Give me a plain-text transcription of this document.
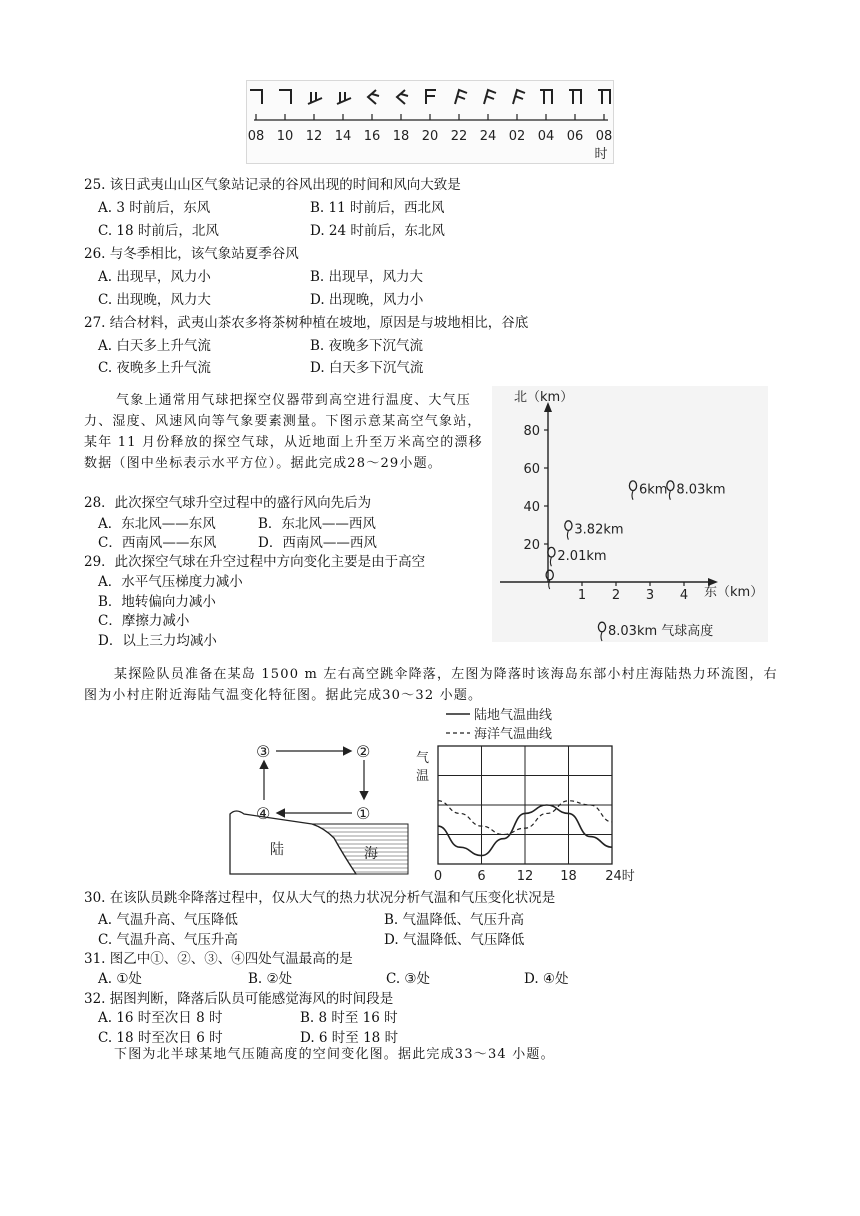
08 10 12 14 16 18 20 22 24 02 04 06 08
时
25. 该日武夷山山区气象站记录的谷风出现的时间和风向大致是
A. 3 时前后，东风	B. 11 时前后，西北风
C. 18 时前后，北风	D. 24 时前后，东北风
26. 与冬季相比，该气象站夏季谷风
A. 出现早，风力小	B. 出现早，风力大
C. 出现晚，风力大	D. 出现晚，风力小
27. 结合材料，武夷山茶农多将茶树种植在坡地，原因是与坡地相比，谷底
A. 白天多上升气流	B. 夜晚多下沉气流
C. 夜晚多上升气流	D. 白天多下沉气流
气象上通常用气球把探空仪器带到高空进行温度、大气压力、湿度、风速风向等气象要素测量。下图示意某高空气象站，某年 11 月份释放的探空气球，从近地面上升至万米高空的漂移数据（图中坐标表示水平方位）。据此完成28～29小题。
北（km）
东（km）
80
60
40
20
1 2 3 4
2.01km
3.82km
6km 8.03km
8.03km 气球高度
28．此次探空气球升空过程中的盛行风向先后为
A．东北风——东风	B．东北风——西风
C．西南风——东风	D．西南风——西风
29．此次探空气球在升空过程中方向变化主要是由于高空
A．水平气压梯度力减小
B．地转偏向力减小
C．摩擦力减小
D．以上三力均减小
某探险队员准备在某岛 1500 m 左右高空跳伞降落，左图为降落时该海岛东部小村庄海陆热力环流图，右图为小村庄附近海陆气温变化特征图。据此完成30～32 小题。
陆	海
③	②
④	①
陆地气温曲线
海洋气温曲线
气
温
0	6 12 18 24时
30. 在该队员跳伞降落过程中，仅从大气的热力状况分析气温和气压变化状况是
A. 气温升高、气压降低	B. 气温降低、气压升高
C. 气温升高、气压升高	D. 气温降低、气压降低
31. 图乙中①、②、③、④四处气温最高的是
A. ①处	B. ②处	C. ③处	D. ④处
32. 据图判断，降落后队员可能感觉海风的时间段是
A. 16 时至次日 8 时	B. 8 时至 16 时
C. 18 时至次日 6 时	D. 6 时至 18 时
下图为北半球某地气压随高度的空间变化图。据此完成33～34 小题。
